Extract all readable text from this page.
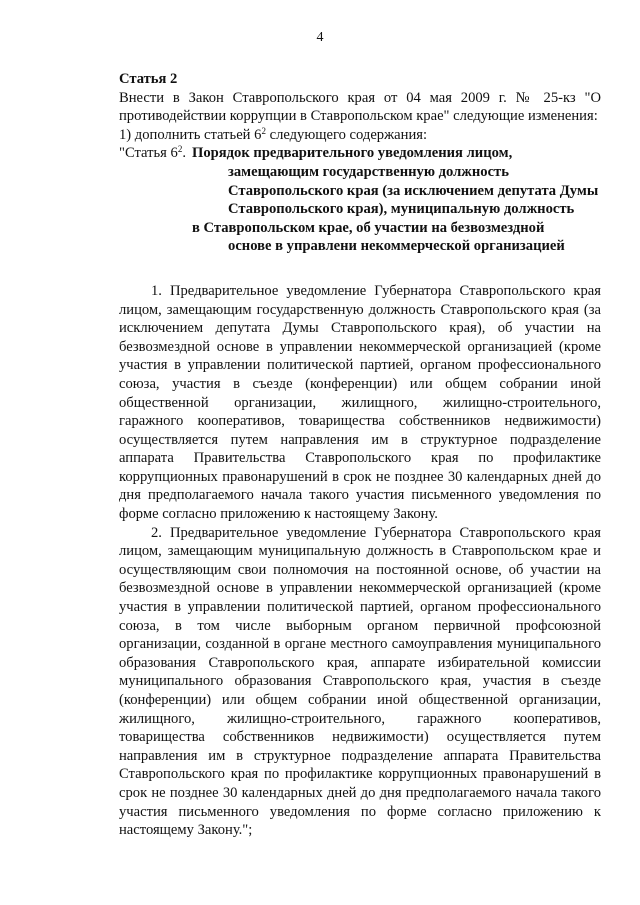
4

Статья 2

Внести в Закон Ставропольского края от 04 мая 2009 г. № 25-кз "О противодействии коррупции в Ставропольском крае" следующие изменения:

1) дополнить статьей $6^2$ следующего содержания:

"Статья $6^2$. Порядок предварительного уведомления лицом,
замещающим государственную должность
Ставропольского края (за исключением депутата Думы
Ставропольского края), муниципальную должность
в Ставропольском крае, об участии на безвозмездной
основе в управлени некоммерческой организацией

1. Предварительное уведомление Губернатора Ставропольского края лицом, замещающим государственную должность Ставропольского края (за исключением депутата Думы Ставропольского края), об участии на безвозмездной основе в управлении некоммерческой организацией (кроме участия в управлении политической партией, органом профессионального союза, участия в съезде (конференции) или общем собрании иной общественной организации, жилищного, жилищно-строительного, гаражного кооперативов, товарищества собственников недвижимости) осуществляется путем направления им в структурное подразделение аппарата Правительства Ставропольского края по профилактике коррупционных правонарушений в срок не позднее 30 календарных дней до дня предполагаемого начала такого участия письменного уведомления по форме согласно приложению к настоящему Закону.

2. Предварительное уведомление Губернатора Ставропольского края лицом, замещающим муниципальную должность в Ставропольском крае и осуществляющим свои полномочия на постоянной основе, об участии на безвозмездной основе в управлении некоммерческой организацией (кроме участия в управлении политической партией, органом профессионального союза, в том числе выборным органом первичной профсоюзной организации, созданной в органе местного самоуправления муниципального образования Ставропольского края, аппарате избирательной комиссии муниципального образования Ставропольского края, участия в съезде (конференции) или общем собрании иной общественной организации, жилищного, жилищно-строительного, гаражного кооперативов, товарищества собственников недвижимости) осуществляется путем направления им в структурное подразделение аппарата Правительства Ставропольского края по профилактике коррупционных правонарушений в срок не позднее 30 календарных дней до дня предполагаемого начала такого участия письменного уведомления по форме согласно приложению к настоящему Закону.";
